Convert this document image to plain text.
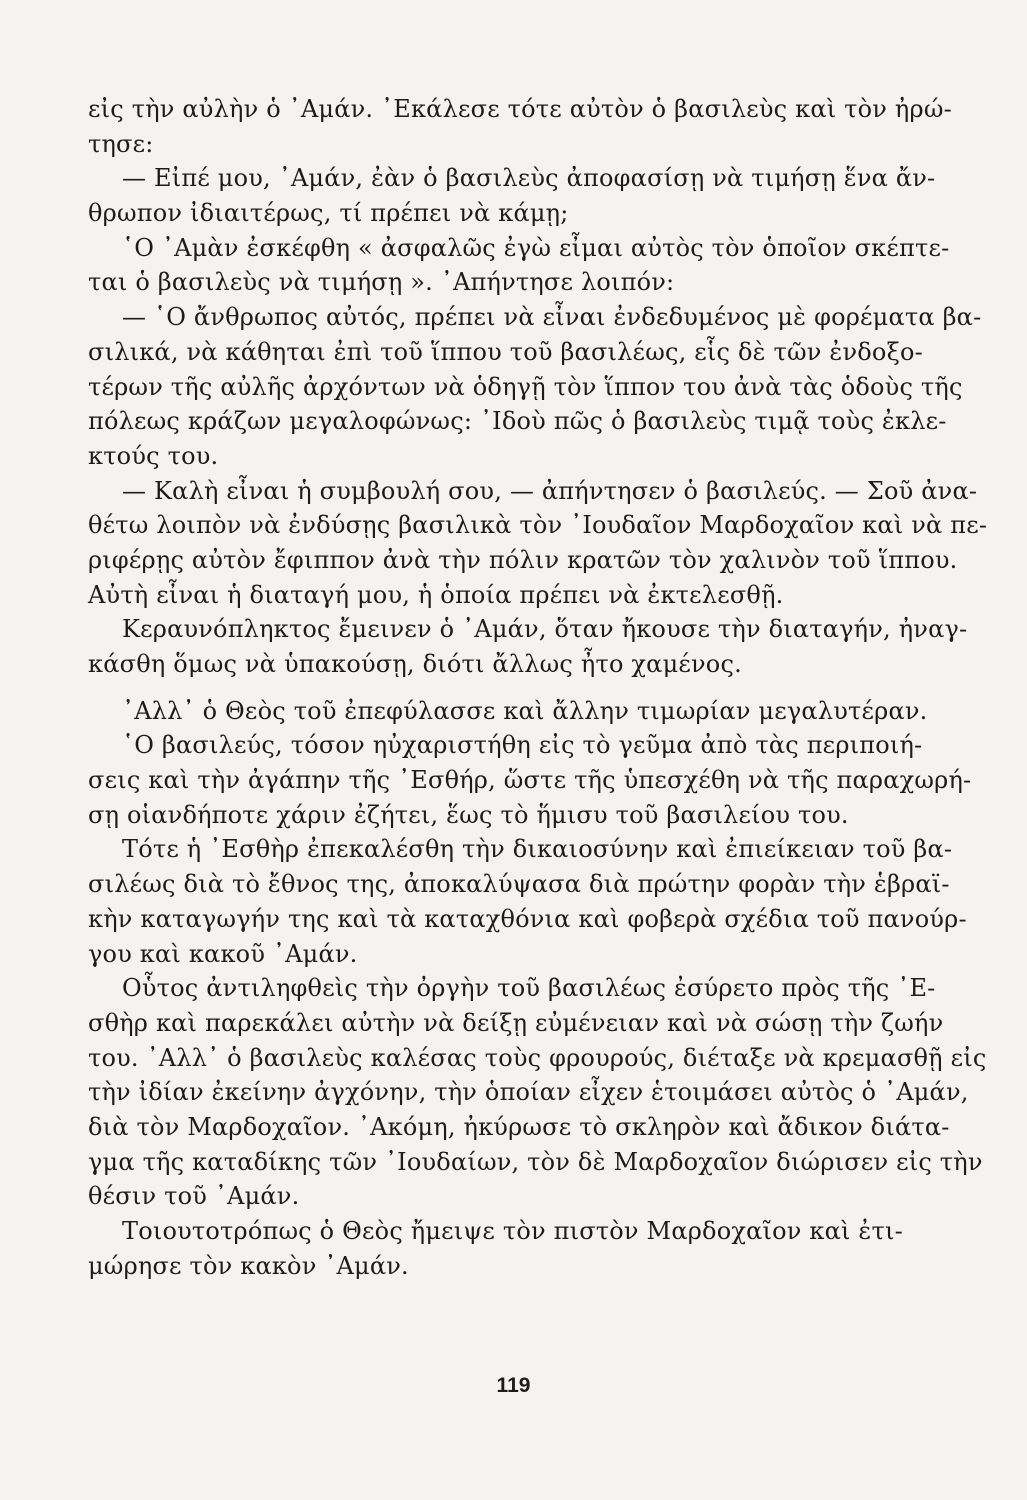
εἰς τὴν αὐλὴν ὁ ᾿Αμάν. ᾿Εκάλεσε τότε αὐτὸν ὁ βασιλεὺς καὶ τὸν ἠρώ-
τησε:
— Εἰπέ μου, ᾿Αμάν, ἐὰν ὁ βασιλεὺς ἀποφασίσῃ νὰ τιμήσῃ ἕνα ἄν-
θρωπον ἰδιαιτέρως, τί πρέπει νὰ κάμῃ;
῾Ο ᾿Αμὰν ἐσκέφθη « ἀσφαλῶς ἐγὼ εἶμαι αὐτὸς τὸν ὁποῖον σκέπτε-
ται ὁ βασιλεὺς νὰ τιμήσῃ ». ᾿Απήντησε λοιπόν:
— ῾Ο ἄνθρωπος αὐτός, πρέπει νὰ εἶναι ἐνδεδυμένος μὲ φορέματα βα-
σιλικά, νὰ κάθηται ἐπὶ τοῦ ἵππου τοῦ βασιλέως, εἷς δὲ τῶν ἐνδοξο-
τέρων τῆς αὐλῆς ἀρχόντων νὰ ὁδηγῇ τὸν ἵππον του ἀνὰ τὰς ὁδοὺς τῆς
πόλεως κράζων μεγαλοφώνως: ᾿Ιδοὺ πῶς ὁ βασιλεὺς τιμᾷ τοὺς ἐκλε-
κτούς του.
— Καλὴ εἶναι ἡ συμβουλή σου, — ἀπήντησεν ὁ βασιλεύς. — Σοῦ ἀνα-
θέτω λοιπὸν νὰ ἐνδύσῃς βασιλικὰ τὸν ᾿Ιουδαῖον Μαρδοχαῖον καὶ νὰ πε-
ριφέρῃς αὐτὸν ἔφιππον ἀνὰ τὴν πόλιν κρατῶν τὸν χαλινὸν τοῦ ἵππου.
Αὐτὴ εἶναι ἡ διαταγή μου, ἡ ὁποία πρέπει νὰ ἐκτελεσθῇ.
Κεραυνόπληκτος ἔμεινεν ὁ ᾿Αμάν, ὅταν ἤκουσε τὴν διαταγήν, ἠναγ-
κάσθη ὅμως νὰ ὑπακούσῃ, διότι ἄλλως ἦτο χαμένος.
᾿Αλλ᾿ ὁ Θεὸς τοῦ ἐπεφύλασσε καὶ ἄλλην τιμωρίαν μεγαλυτέραν.
῾Ο βασιλεύς, τόσον ηὐχαριστήθη εἰς τὸ γεῦμα ἀπὸ τὰς περιποιή-
σεις καὶ τὴν ἀγάπην τῆς ᾿Εσθήρ, ὥστε τῆς ὑπεσχέθη νὰ τῆς παραχωρή-
σῃ οἱανδήποτε χάριν ἐζήτει, ἕως τὸ ἥμισυ τοῦ βασιλείου του.
Τότε ἡ ᾿Εσθὴρ ἐπεκαλέσθη τὴν δικαιοσύνην καὶ ἐπιείκειαν τοῦ βα-
σιλέως διὰ τὸ ἔθνος της, ἀποκαλύψασα διὰ πρώτην φορὰν τὴν ἑβραϊ-
κὴν καταγωγήν της καὶ τὰ καταχθόνια καὶ φοβερὰ σχέδια τοῦ πανούρ-
γου καὶ κακοῦ ᾿Αμάν.
Οὗτος ἀντιληφθεὶς τὴν ὀργὴν τοῦ βασιλέως ἐσύρετο πρὸς τῆς ᾿Ε-
σθὴρ καὶ παρεκάλει αὐτὴν νὰ δείξῃ εὐμένειαν καὶ νὰ σώσῃ τὴν ζωήν
του. ᾿Αλλ᾿ ὁ βασιλεὺς καλέσας τοὺς φρουρούς, διέταξε νὰ κρεμασθῇ εἰς
τὴν ἰδίαν ἐκείνην ἀγχόνην, τὴν ὁποίαν εἶχεν ἑτοιμάσει αὐτὸς ὁ ᾿Αμάν,
διὰ τὸν Μαρδοχαῖον. ᾿Ακόμη, ἠκύρωσε τὸ σκληρὸν καὶ ἄδικον διάτα-
γμα τῆς καταδίκης τῶν ᾿Ιουδαίων, τὸν δὲ Μαρδοχαῖον διώρισεν εἰς τὴν
θέσιν τοῦ ᾿Αμάν.
Τοιουτοτρόπως ὁ Θεὸς ἤμειψε τὸν πιστὸν Μαρδοχαῖον καὶ ἐτι-
μώρησε τὸν κακὸν ᾿Αμάν.
119
